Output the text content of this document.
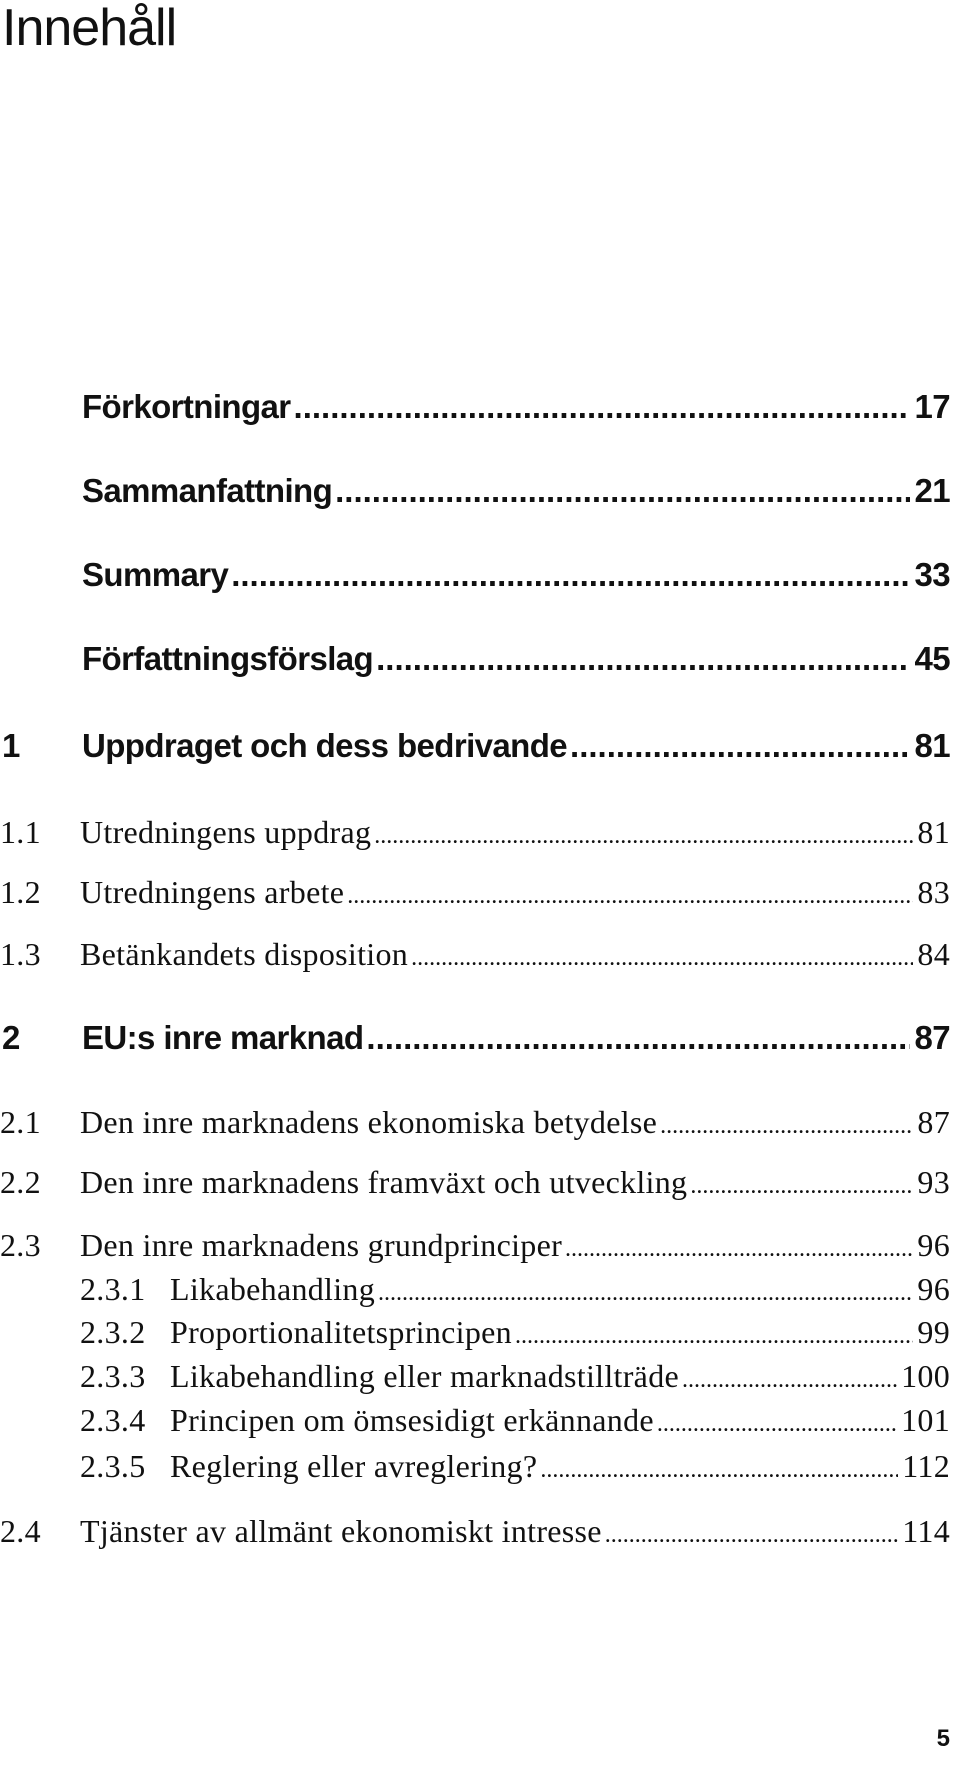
Innehåll
Förkortningar .....	17
Sammanfattning .....	21
Summary .....	33
Författningsförslag .....	45
1	Uppdraget och dess bedrivande .....	81
1.1	Utredningens uppdrag .....	81
1.2	Utredningens arbete .....	83
1.3	Betänkandets disposition .....	84
2	EU:s inre marknad .....	87
2.1	Den inre marknadens ekonomiska betydelse .....	87
2.2	Den inre marknadens framväxt och utveckling .....	93
2.3	Den inre marknadens grundprinciper .....	96
2.3.1 Likabehandling .....	96
2.3.2 Proportionalitetsprincipen .....	99
2.3.3 Likabehandling eller marknadstillträde .....	100
2.3.4 Principen om ömsesidigt erkännande .....	101
2.3.5 Reglering eller avreglering? .....	112
2.4	Tjänster av allmänt ekonomiskt intresse .....	114
5
